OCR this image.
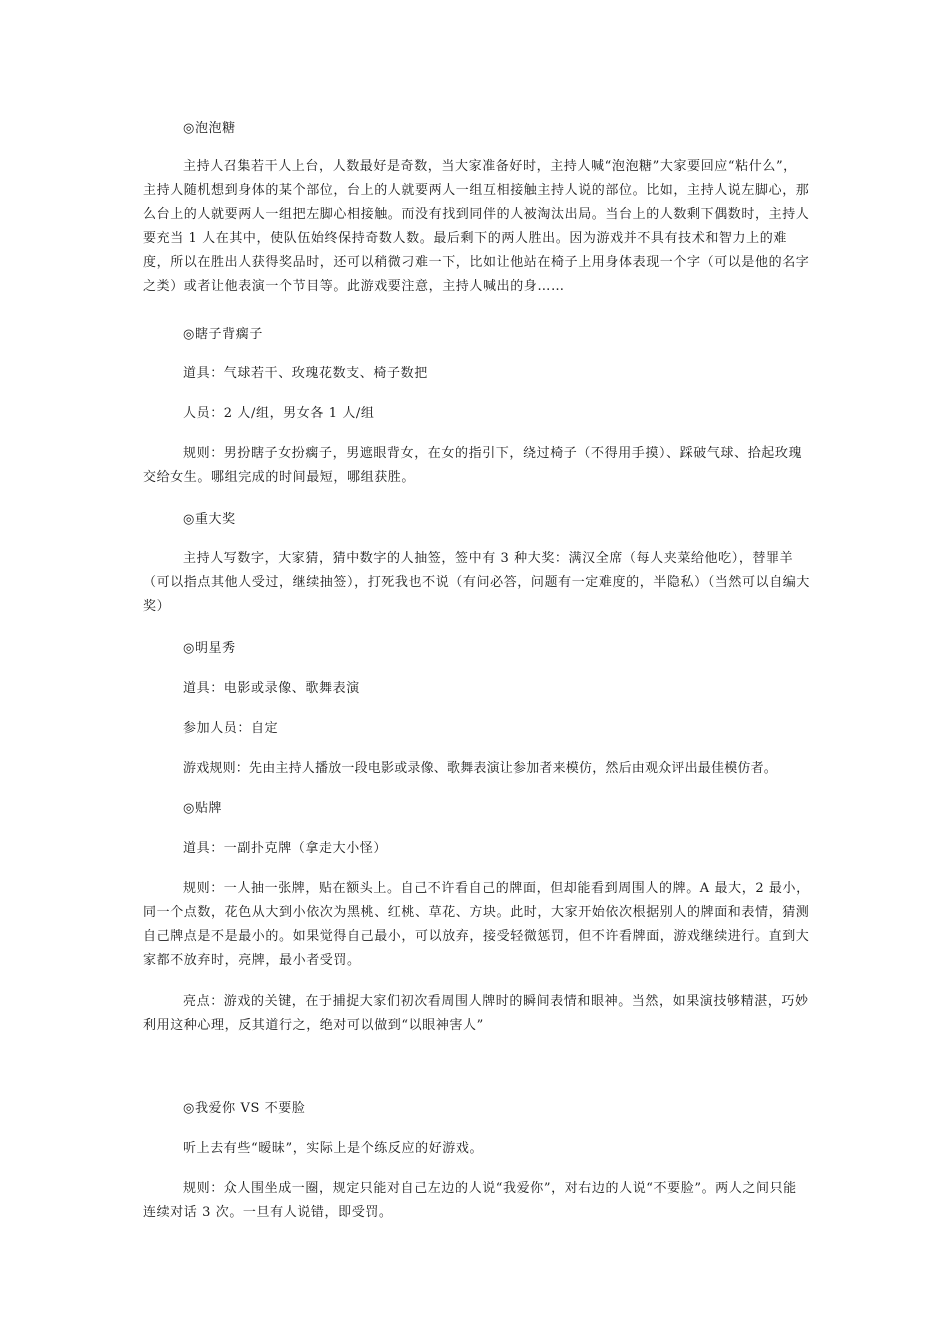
◎泡泡糖

主持人召集若干人上台，人数最好是奇数，当大家准备好时，主持人喊“泡泡糖”大家要回应“粘什么”，主持人随机想到身体的某个部位，台上的人就要两人一组互相接触主持人说的部位。比如，主持人说左脚心，那么台上的人就要两人一组把左脚心相接触。而没有找到同伴的人被淘汰出局。当台上的人数剩下偶数时，主持人要充当 1 人在其中，使队伍始终保持奇数人数。最后剩下的两人胜出。因为游戏并不具有技术和智力上的难度，所以在胜出人获得奖品时，还可以稍微刁难一下，比如让他站在椅子上用身体表现一个字（可以是他的名字之类）或者让他表演一个节目等。此游戏要注意，主持人喊出的身……

◎瞎子背瘸子

道具：气球若干、玫瑰花数支、椅子数把

人员：2 人/组，男女各 1 人/组

规则：男扮瞎子女扮瘸子，男遮眼背女，在女的指引下，绕过椅子（不得用手摸）、踩破气球、拾起玫瑰交给女生。哪组完成的时间最短，哪组获胜。

◎重大奖

主持人写数字，大家猜，猜中数字的人抽签，签中有 3 种大奖：满汉全席（每人夹菜给他吃），替罪羊（可以指点其他人受过，继续抽签），打死我也不说（有问必答，问题有一定难度的，半隐私）（当然可以自编大奖）

◎明星秀

道具：电影或录像、歌舞表演

参加人员：自定

游戏规则：先由主持人播放一段电影或录像、歌舞表演让参加者来模仿，然后由观众评出最佳模仿者。

◎贴牌

道具：一副扑克牌（拿走大小怪）

规则：一人抽一张牌，贴在额头上。自己不许看自己的牌面，但却能看到周围人的牌。A 最大，2 最小，同一个点数，花色从大到小依次为黑桃、红桃、草花、方块。此时，大家开始依次根据别人的牌面和表情，猜测自己牌点是不是最小的。如果觉得自己最小，可以放弃，接受轻微惩罚，但不许看牌面，游戏继续进行。直到大家都不放弃时，亮牌，最小者受罚。

亮点：游戏的关键，在于捕捉大家们初次看周围人牌时的瞬间表情和眼神。当然，如果演技够精湛，巧妙利用这种心理，反其道行之，绝对可以做到“以眼神害人”

◎我爱你 VS 不要脸

听上去有些“暧昧”，实际上是个练反应的好游戏。

规则：众人围坐成一圈，规定只能对自己左边的人说“我爱你”，对右边的人说“不要脸”。两人之间只能连续对话 3 次。一旦有人说错，即受罚。
